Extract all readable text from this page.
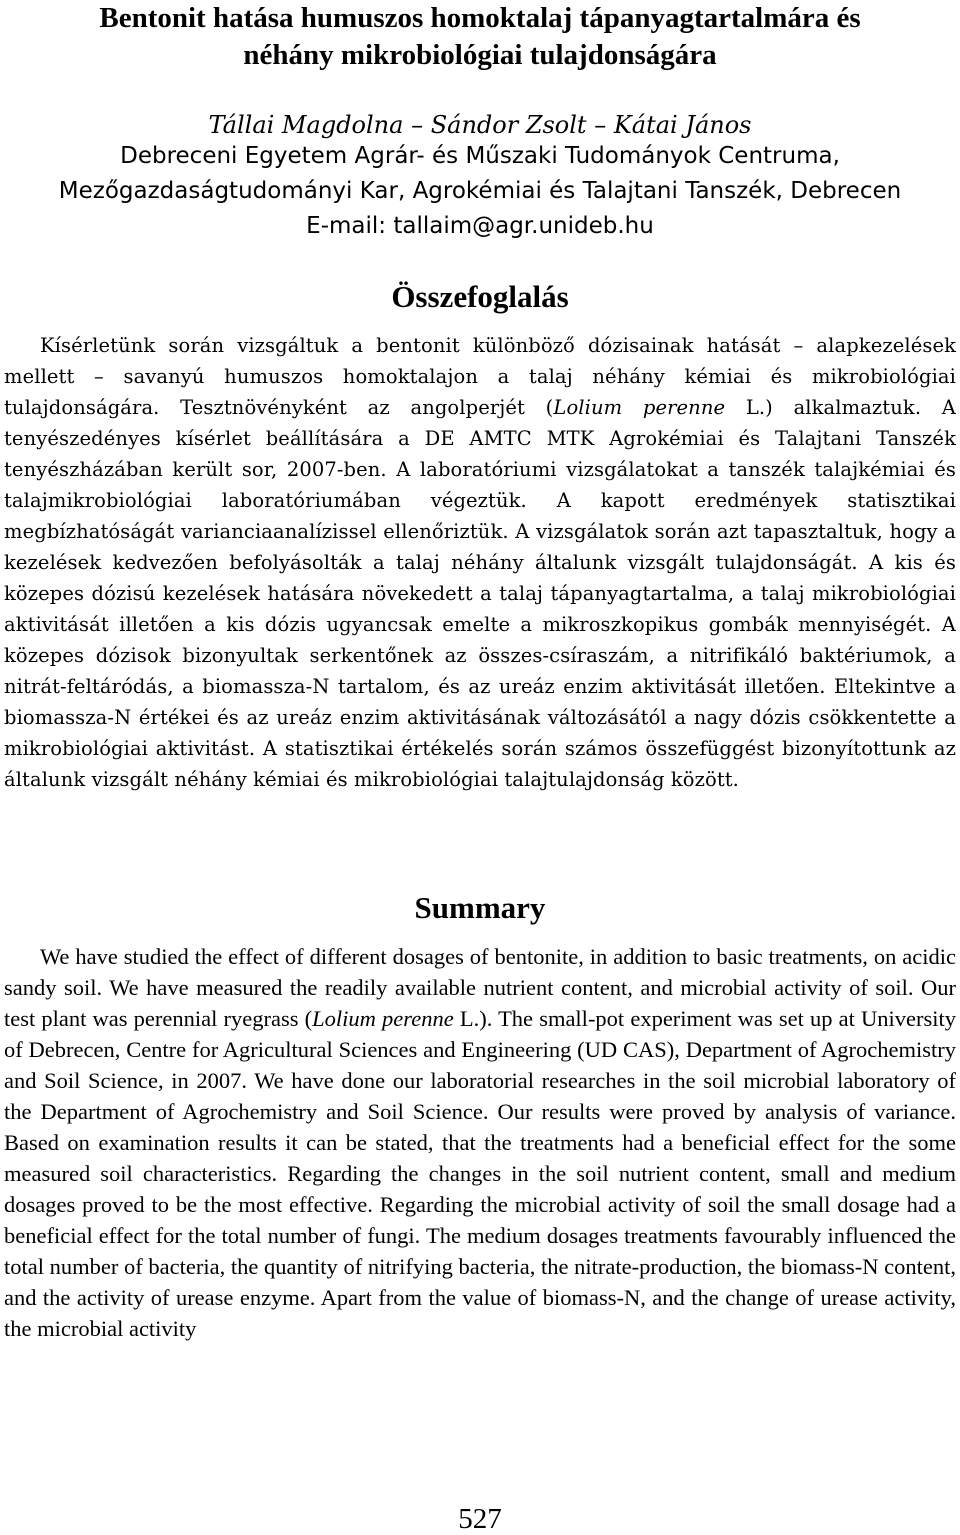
Bentonit hatása humuszos homoktalaj tápanyagtartalmára és
néhány mikrobiológiai tulajdonságára
Tállai Magdolna – Sándor Zsolt – Kátai János
Debreceni Egyetem Agrár- és Műszaki Tudományok Centruma,
Mezőgazdaságtudományi Kar, Agrokémiai és Talajtani Tanszék, Debrecen
E-mail: tallaim@agr.unideb.hu
Összefoglalás

Kísérletünk során vizsgáltuk a bentonit különböző dózisainak hatását – alapkezelések mellett – savanyú humuszos homoktalajon a talaj néhány kémiai és mikrobiológiai tulajdonságára. Tesztnövényként az angolperjét (Lolium perenne L.) alkalmaztuk. A tenyészedényes kísérlet beállítására a DE AMTC MTK Agrokémiai és Talajtani Tanszék tenyészházában került sor, 2007-ben. A laboratóriumi vizsgálatokat a tanszék talajkémiai és talajmikrobiológiai laboratóriumában végeztük. A kapott eredmények statisztikai megbízhatóságát varianciaanalízissel ellenőriztük. A vizsgálatok során azt tapasztaltuk, hogy a kezelések kedvezően befolyásolták a talaj néhány általunk vizsgált tulajdonságát. A kis és közepes dózisú kezelések hatására növekedett a talaj tápanyagtartalma, a talaj mikrobiológiai aktivitását illetően a kis dózis ugyancsak emelte a mikroszkopikus gombák mennyiségét. A közepes dózisok bizonyultak serkentőnek az összes-csíraszám, a nitrifikáló baktériumok, a nitrát-feltáródás, a biomassza-N tartalom, és az ureáz enzim aktivitását illetően. Eltekintve a biomassza-N értékei és az ureáz enzim aktivitásának változásától a nagy dózis csökkentette a mikrobiológiai aktivitást. A statisztikai értékelés során számos összefüggést bizonyítottunk az általunk vizsgált néhány kémiai és mikrobiológiai talajtulajdonság között.

Summary

We have studied the effect of different dosages of bentonite, in addition to basic treatments, on acidic sandy soil. We have measured the readily available nutrient content, and microbial activity of soil. Our test plant was perennial ryegrass (Lolium perenne L.). The small-pot experiment was set up at University of Debrecen, Centre for Agricultural Sciences and Engineering (UD CAS), Department of Agrochemistry and Soil Science, in 2007. We have done our laboratorial researches in the soil microbial laboratory of the Department of Agrochemistry and Soil Science. Our results were proved by analysis of variance. Based on examination results it can be stated, that the treatments had a beneficial effect for the some measured soil characteristics. Regarding the changes in the soil nutrient content, small and medium dosages proved to be the most effective. Regarding the microbial activity of soil the small dosage had a beneficial effect for the total number of fungi. The medium dosages treatments favourably influenced the total number of bacteria, the quantity of nitrifying bacteria, the nitrate-production, the biomass-N content, and the activity of urease enzyme. Apart from the value of biomass-N, and the change of urease activity, the microbial activity

527
